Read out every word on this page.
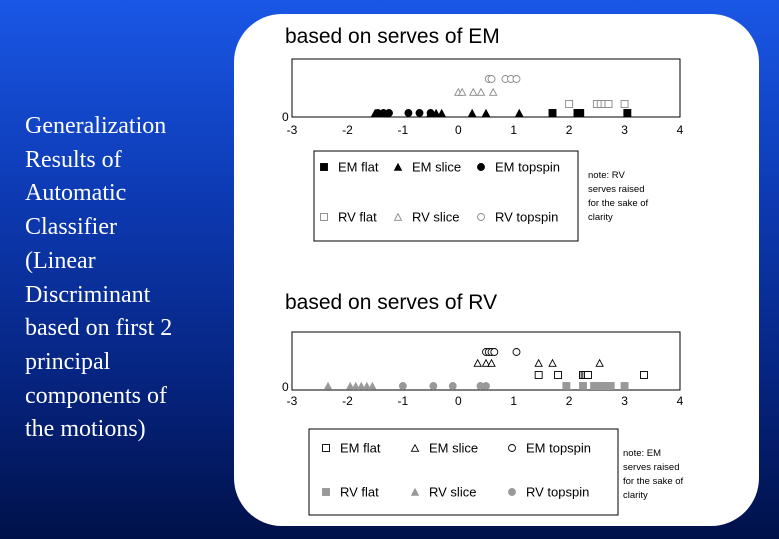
Generalization
Results of
Automatic
Classifier
(Linear
Discriminant
based on first 2
principal
components of
the motions)
based on serves of EM
0
-3	-2	-1	0	1	2	3	4
EM flat	EM slice	EM topspin
RV flat	RV slice	RV topspin
note: RV
serves raised
for the sake of
clarity
based on serves of RV
0
-3	-2	-1	0	1	2	3	4
EM flat	EM slice	EM topspin
RV flat	RV slice	RV topspin
note: EM
serves raised
for the sake of
clarity
